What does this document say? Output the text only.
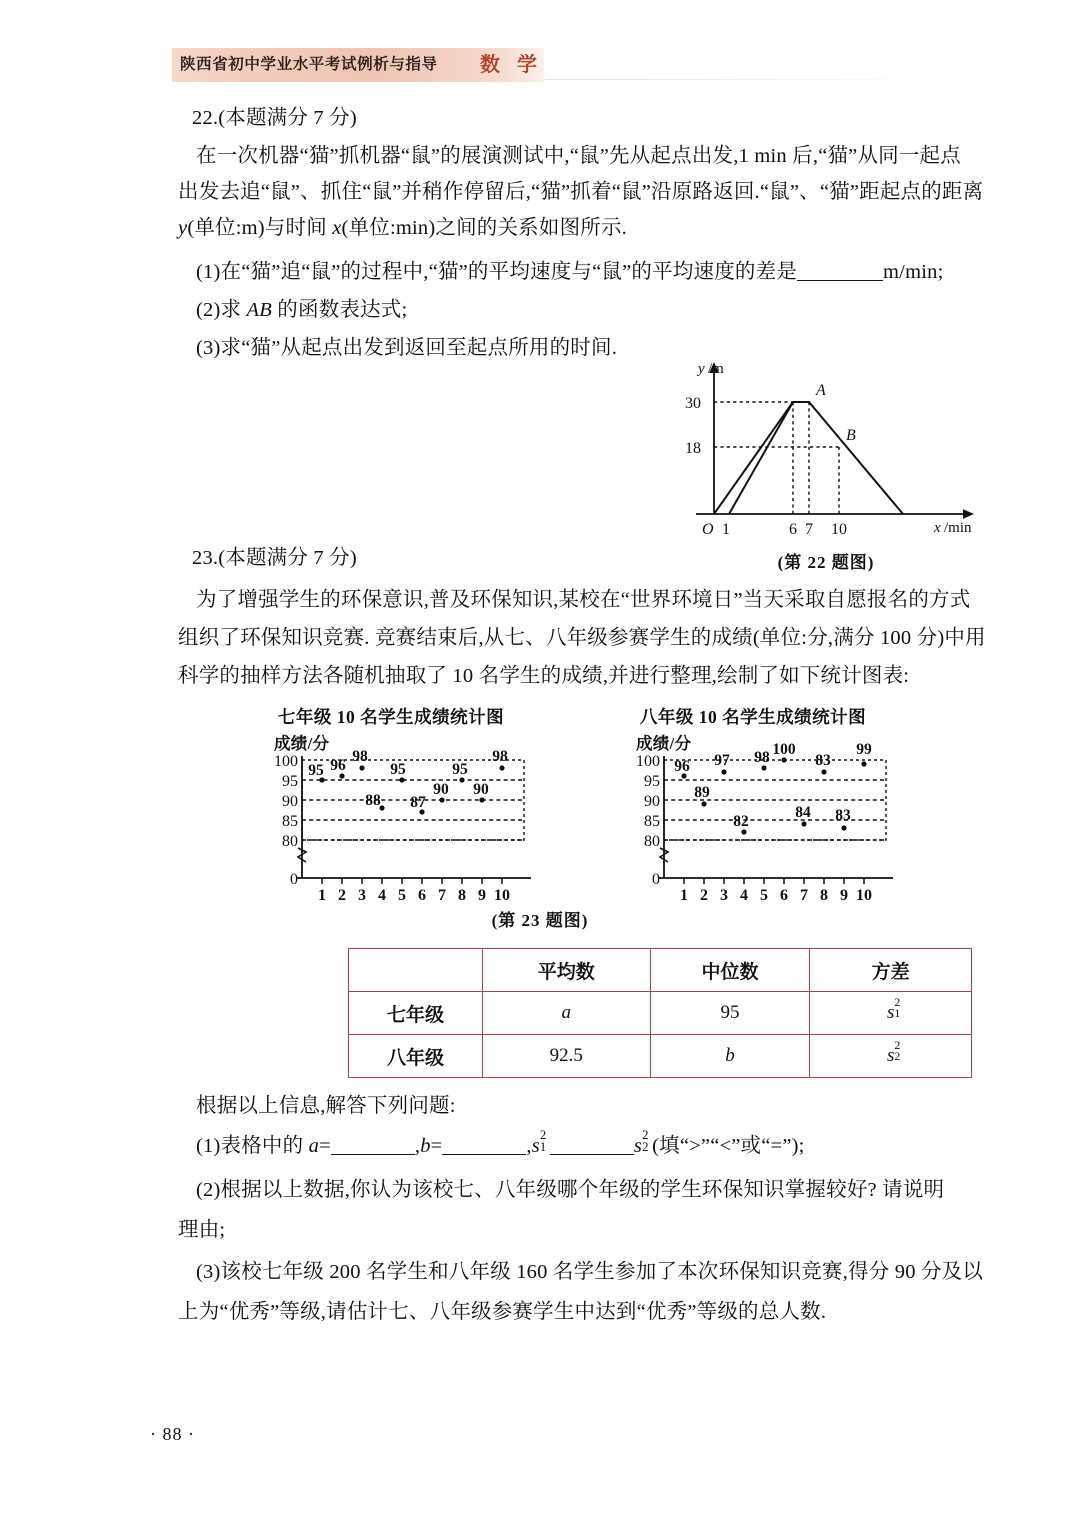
陕西省初中学业水平考试例析与指导 数 学
22.(本题满分 7 分)
在一次机器“猫”抓机器“鼠”的展演测试中,“鼠”先从起点出发,1 min 后,“猫”从同一起点
出发去追“鼠”、抓住“鼠”并稍作停留后,“猫”抓着“鼠”沿原路返回.“鼠”、“猫”距起点的距离
y(单位:m)与时间 x(单位:min)之间的关系如图所示.
(1)在“猫”追“鼠”的过程中,“猫”的平均速度与“鼠”的平均速度的差是	m/min;
(2)求 AB 的函数表达式;
(3)求“猫”从起点出发到返回至起点所用的时间.
y /m
x /min
30
18
A
B
O 1	6 7 10
(第 22 题图)
23.(本题满分 7 分)
为了增强学生的环保意识,普及环保知识,某校在“世界环境日”当天采取自愿报名的方式
组织了环保知识竞赛. 竞赛结束后,从七、八年级参赛学生的成绩(单位:分,满分 100 分)中用
科学的抽样方法各随机抽取了 10 名学生的成绩,并进行整理,绘制了如下统计图表:
七年级 10 名学生成绩统计图
成绩/分
100
95
90
85
80
0
1 2 3 4 5 6 7 8 9 10
95 96
98
88
95
87
90
95
90
98
八年级 10 名学生成绩统计图
成绩/分
100
95
90
85
80
0
1 2 3 4 5 6 7 8 9 10
96
89
97
82
98 100
84
83
83
99
(第 23 题图)
	平均数	中位数	方差
七年级	a	95	s 2
1

八年级	92.5	b	s 2
2
根据以上信息,解答下列问题:
(1)表格中的 a=	,b=	,s 2
1	s 2
2 (填“>”“<”或“=”);
(2)根据以上数据,你认为该校七、八年级哪个年级的学生环保知识掌握较好? 请说明
理由;
(3)该校七年级 200 名学生和八年级 160 名学生参加了本次环保知识竞赛,得分 90 分及以
上为“优秀”等级,请估计七、八年级参赛学生中达到“优秀”等级的总人数.
· 88 ·
